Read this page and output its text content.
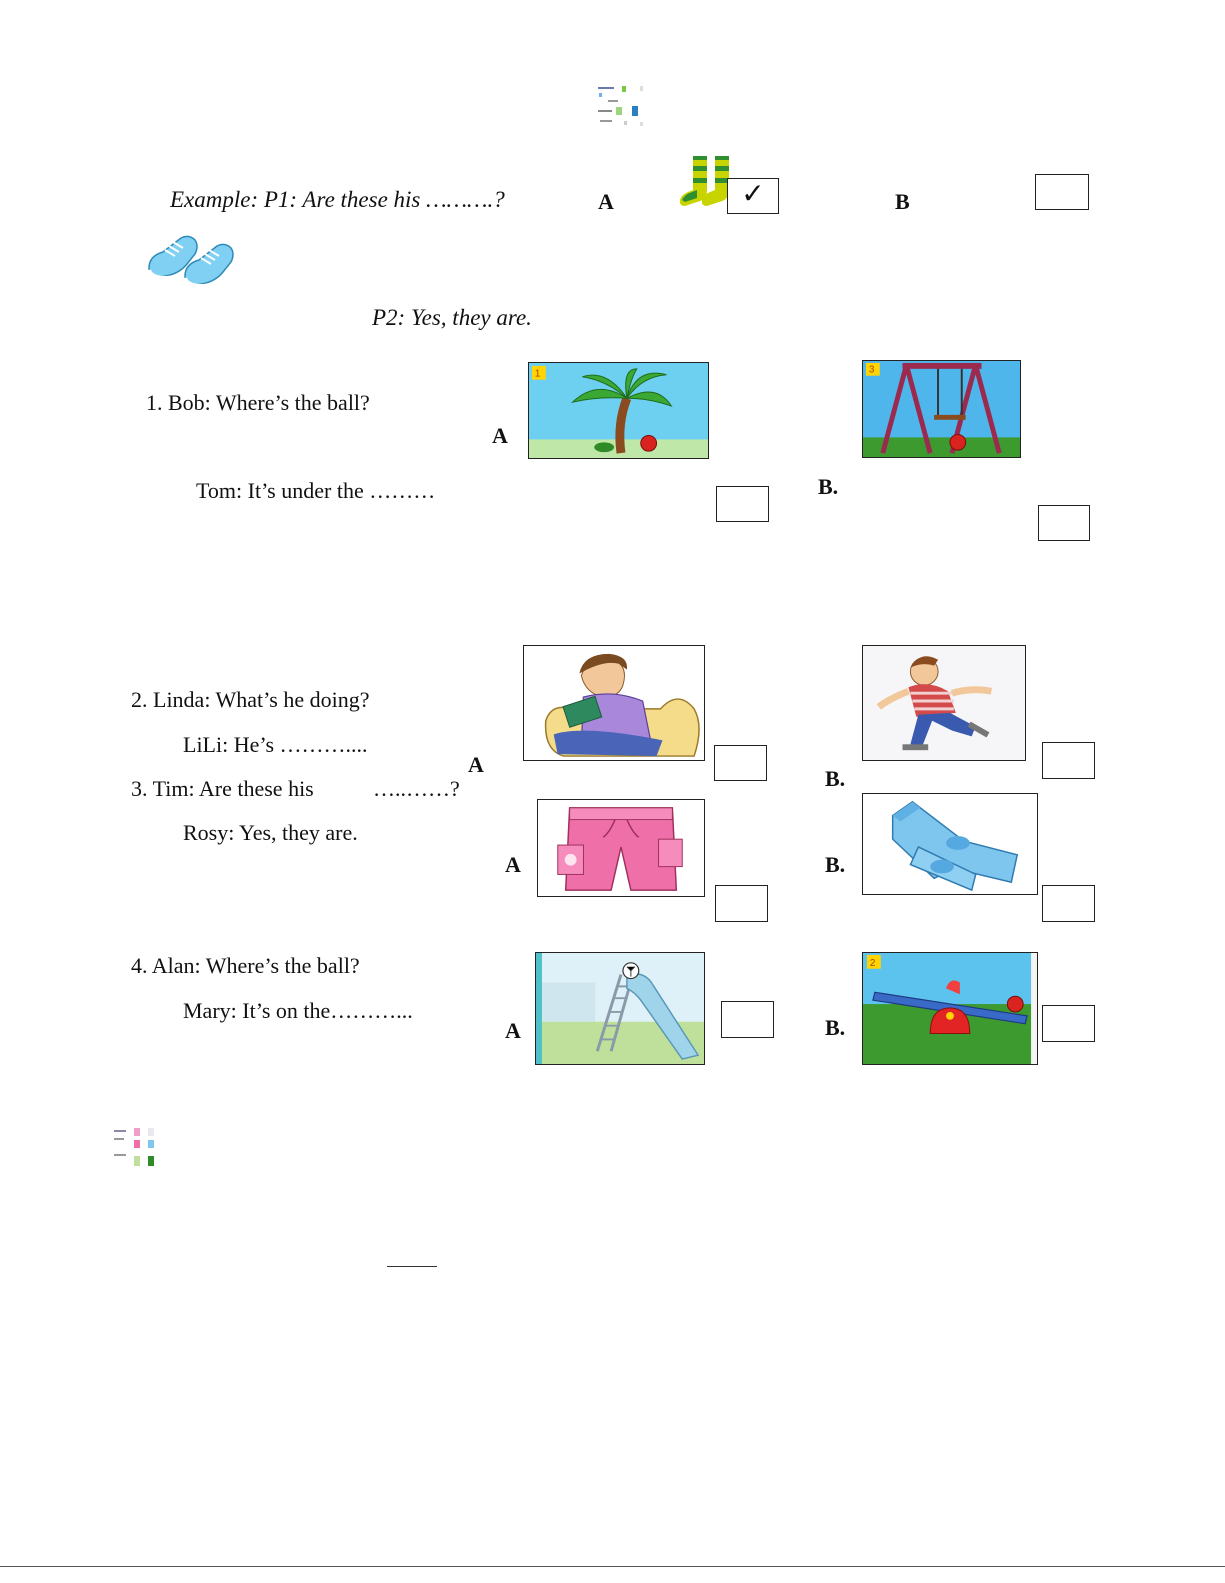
Example: P1: Are these his ……….?	A	✓	B
P2: Yes, they are.
1. Bob: Where’s the ball?
Tom: It’s under the ………
A
1	3
B.
2. Linda: What’s he doing?
LiLi: He’s ………....
A
B.
3. Tim: Are these his	…..……?
Rosy: Yes, they are.
A	B.
4. Alan: Where’s the ball?
Mary: It’s on the………...
A
2
B.
